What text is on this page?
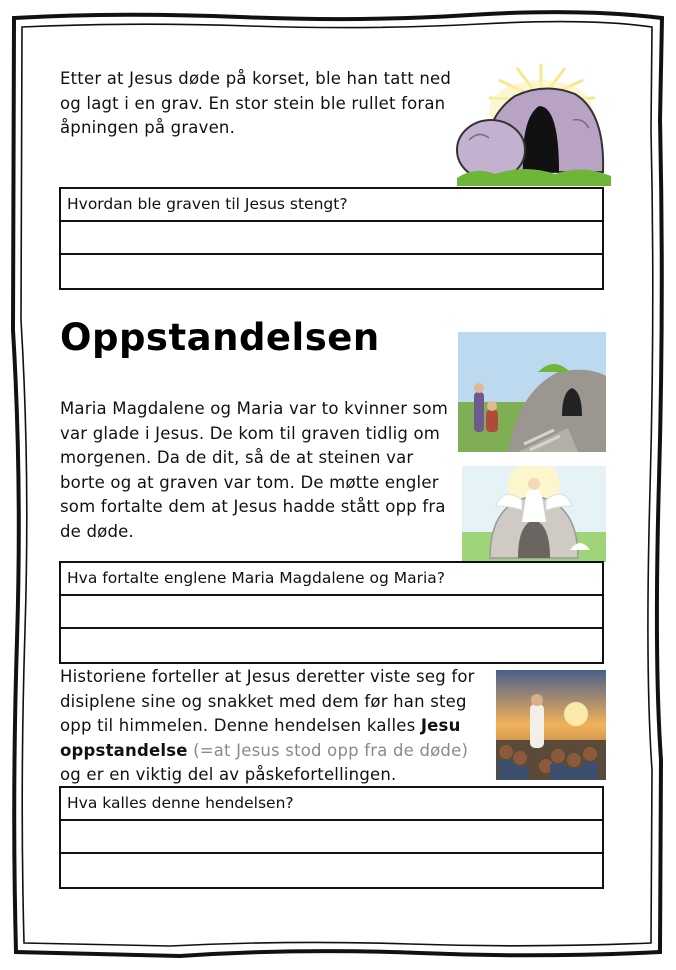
Etter at Jesus døde på korset, ble han tatt ned og lagt i en grav. En stor stein ble rullet foran åpningen på graven.
Hvordan ble graven til Jesus stengt?
Oppstandelsen
Maria Magdalene og Maria var to kvinner som var glade i Jesus. De kom til graven tidlig om morgenen. Da de dit, så de at steinen var borte og at graven var tom. De møtte engler som fortalte dem at Jesus hadde stått opp fra de døde.
Hva fortalte englene Maria Magdalene og Maria?
Historiene forteller at Jesus deretter viste seg for disiplene sine og snakket med dem før han steg opp til himmelen. Denne hendelsen kalles Jesu oppstandelse (=at Jesus stod opp fra de døde) og er en viktig del av påskefortellingen.
Hva kalles denne hendelsen?
